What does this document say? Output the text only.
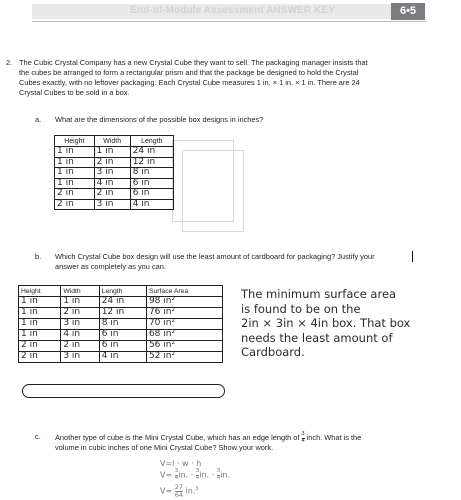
End-of-Module Assessment ANSWER KEY	6•5
2. The Cubic Crystal Company has a new Crystal Cube they want to sell. The packaging manager insists that
the cubes be arranged to form a rectangular prism and that the package be designed to hold the Crystal
Cubes exactly, with no leftover packaging. Each Crystal Cube measures 1 in. × 1 in. × 1 in. There are 24
Crystal Cubes to be sold in a box.
a. What are the dimensions of the possible box designs in inches?
Height	Width	Length
1 in	1 in	24 in
1 in	2 in	12 in
1 in	3 in	8 in
1 in	4 in	6 in
2 in	2 in	6 in
2 in	3 in	4 in
b. Which Crystal Cube box design will use the least amount of cardboard for packaging? Justify your
answer as completely as you can.
Height	Width	Length	Surface Area
1 in	1 in	24 in	98 in²
1 in	2 in	12 in	76 in²
1 in	3 in	8 in	70 in²
1 in	4 in	6 in	68 in²
2 in	2 in	6 in	56 in²
2 in	3 in	4 in	52 in²
The minimum surface area
is found to be on the
2in × 3in × 4in box. That box
needs the least amount of
Cardboard.
c. Another type of cube is the Mini Crystal Cube, which has an edge length of $\frac{3}{4}$ inch. What is the
volume in cubic inches of one Mini Crystal Cube? Show your work.
V=l · w · h
$V= \frac{3}{4}$ in. · $\frac{3}{4}$ in. · $\frac{3}{4}$ in.
$V= \frac{27}{64} in.^3$
